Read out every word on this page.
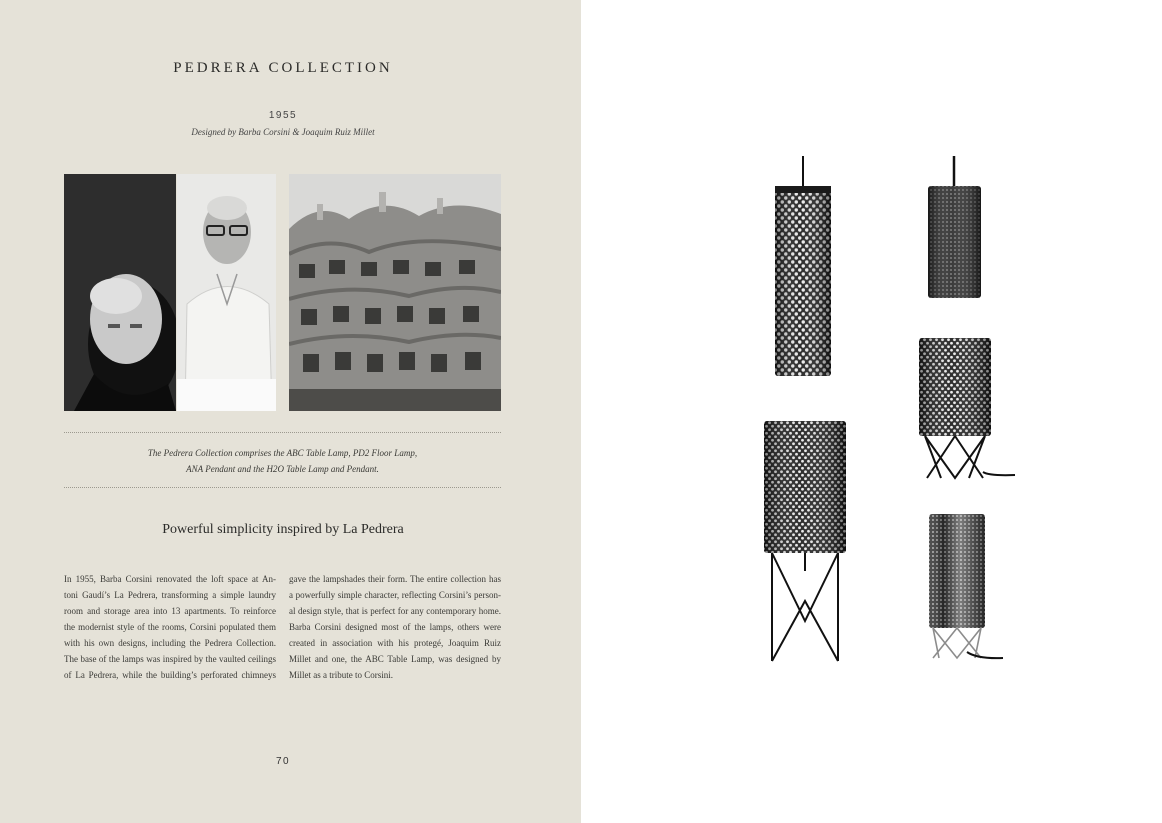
PEDRERA COLLECTION
1955
Designed by Barba Corsini & Joaquim Ruiz Millet
The Pedrera Collection comprises the ABC Table Lamp, PD2 Floor Lamp,
ANA Pendant and the H2O Table Lamp and Pendant.
Powerful simplicity inspired by La Pedrera
In 1955, Barba Corsini renovated the loft space at An-
toni Gaudí’s La Pedrera, transforming a simple laundry
room and storage area into 13 apartments. To reinforce
the modernist style of the rooms, Corsini populated them
with his own designs, including the Pedrera Collection.
The base of the lamps was inspired by the vaulted ceilings
of La Pedrera, while the building’s perforated chimneys
gave the lampshades their form. The entire collection has
a powerfully simple character, reflecting Corsini’s person-
al design style, that is perfect for any contemporary home.
Barba Corsini designed most of the lamps, others were
created in association with his protegé, Joaquim Ruiz
Millet and one, the ABC Table Lamp, was designed by
Millet as a tribute to Corsini.
70
